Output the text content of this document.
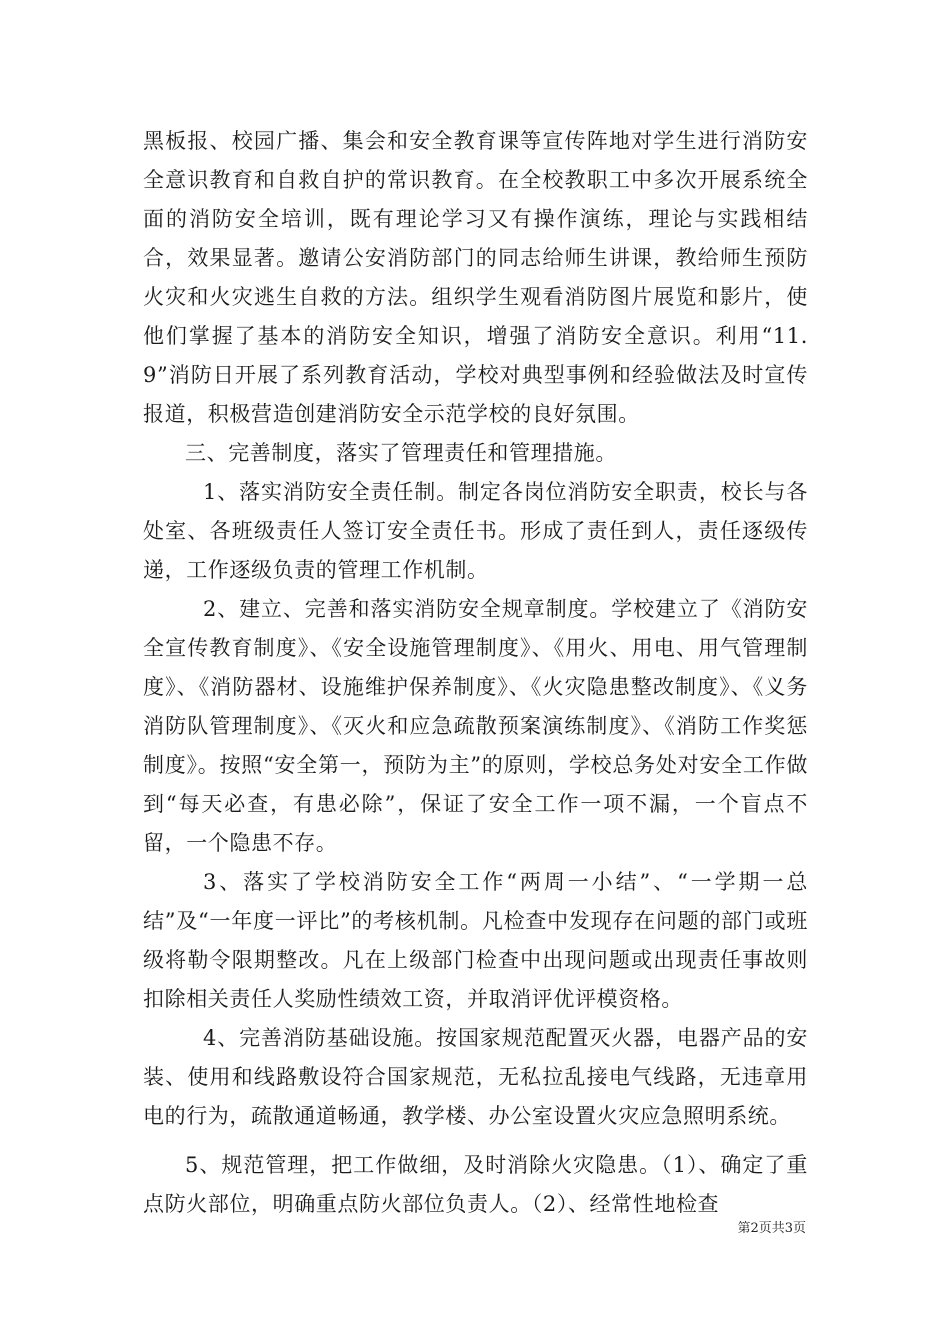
黑板报、校园广播、集会和安全教育课等宣传阵地对学生进行消防安全意识教育和自救自护的常识教育。在全校教职工中多次开展系统全面的消防安全培训，既有理论学习又有操作演练，理论与实践相结合，效果显著。邀请公安消防部门的同志给师生讲课，教给师生预防火灾和火灾逃生自救的方法。组织学生观看消防图片展览和影片，使他们掌握了基本的消防安全知识，增强了消防安全意识。利用“11.9”消防日开展了系列教育活动，学校对典型事例和经验做法及时宣传报道，积极营造创建消防安全示范学校的良好氛围。

三、完善制度，落实了管理责任和管理措施。

1、落实消防安全责任制。制定各岗位消防安全职责，校长与各处室、各班级责任人签订安全责任书。形成了责任到人，责任逐级传递，工作逐级负责的管理工作机制。

2、建立、完善和落实消防安全规章制度。学校建立了《消防安全宣传教育制度》、《安全设施管理制度》、《用火、用电、用气管理制度》、《消防器材、设施维护保养制度》、《火灾隐患整改制度》、《义务消防队管理制度》、《灭火和应急疏散预案演练制度》、《消防工作奖惩制度》。按照“安全第一，预防为主”的原则，学校总务处对安全工作做到“每天必查，有患必除”，保证了安全工作一项不漏，一个盲点不留，一个隐患不存。

3、落实了学校消防安全工作“两周一小结”、“一学期一总结”及“一年度一评比”的考核机制。凡检查中发现存在问题的部门或班级将勒令限期整改。凡在上级部门检查中出现问题或出现责任事故则扣除相关责任人奖励性绩效工资，并取消评优评模资格。

4、完善消防基础设施。按国家规范配置灭火器，电器产品的安装、使用和线路敷设符合国家规范，无私拉乱接电气线路，无违章用电的行为，疏散通道畅通，教学楼、办公室设置火灾应急照明系统。

5、规范管理，把工作做细，及时消除火灾隐患。（1）、确定了重点防火部位，明确重点防火部位负责人。（2）、经常性地检查

第2页共3页
